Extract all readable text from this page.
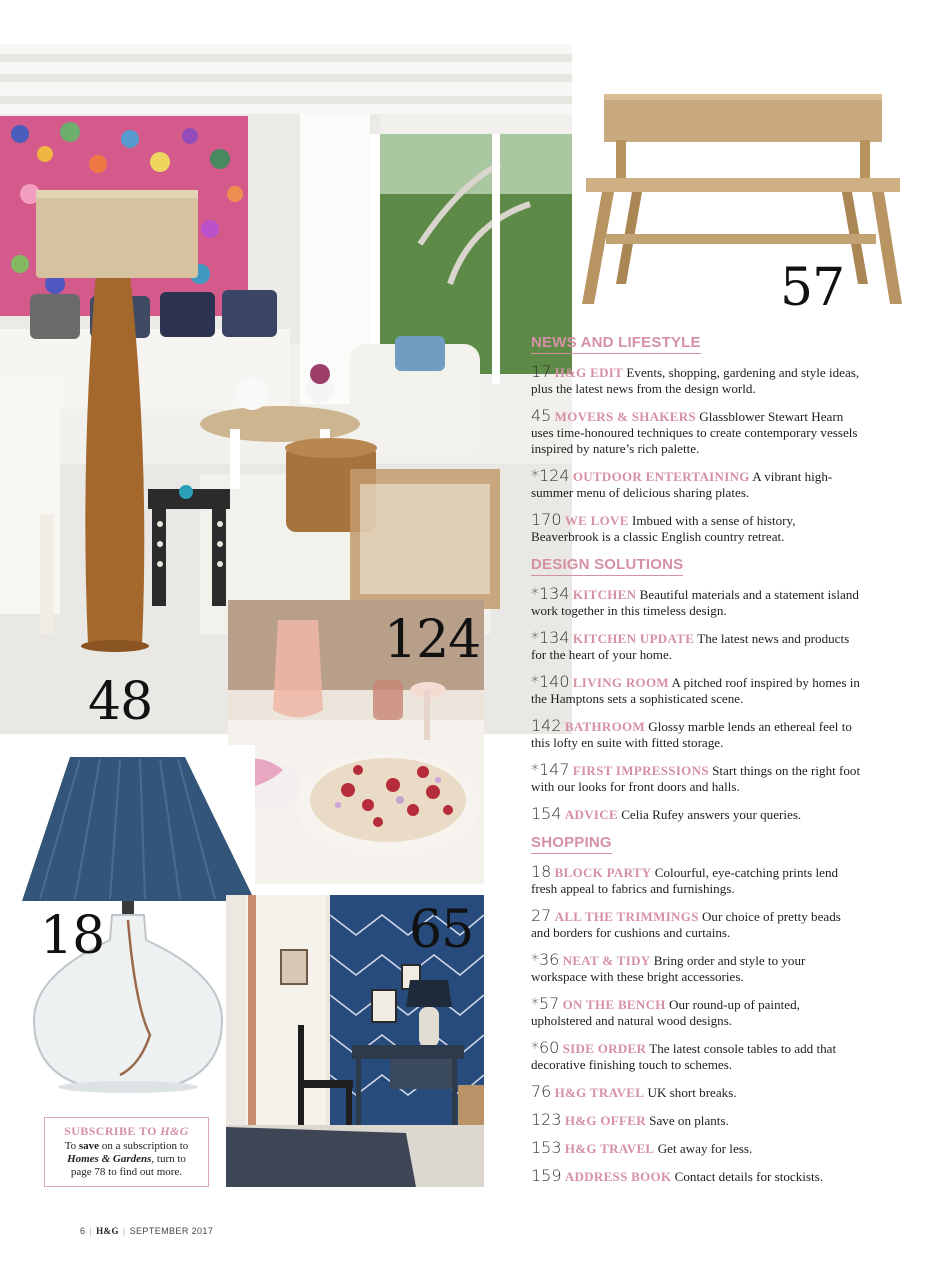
57
48
124
18	65
NEWS AND LIFESTYLE
17 H&G EDIT Events, shopping, gardening and style ideas, plus the latest news from the design world.
45 MOVERS & SHAKERS Glassblower Stewart Hearn uses time-honoured techniques to create contemporary vessels inspired by nature’s rich palette.
*124 OUTDOOR ENTERTAINING A vibrant high-summer menu of delicious sharing plates.
170 WE LOVE Imbued with a sense of history, Beaverbrook is a classic English country retreat.
DESIGN SOLUTIONS
*134 KITCHEN Beautiful materials and a statement island work together in this timeless design.
*134 KITCHEN UPDATE The latest news and products for the heart of your home.
*140 LIVING ROOM A pitched roof inspired by homes in the Hamptons sets a sophisticated scene.
142 BATHROOM Glossy marble lends an ethereal feel to this lofty en suite with fitted storage.
*147 FIRST IMPRESSIONS Start things on the right foot with our looks for front doors and halls.
154 ADVICE Celia Rufey answers your queries.
SHOPPING
18 BLOCK PARTY Colourful, eye-catching prints lend fresh appeal to fabrics and furnishings.
27 ALL THE TRIMMINGS Our choice of pretty beads and borders for cushions and curtains.
*36 NEAT & TIDY Bring order and style to your workspace with these bright accessories.
*57 ON THE BENCH Our round-up of painted, upholstered and natural wood designs.
*60 SIDE ORDER The latest console tables to add that decorative finishing touch to schemes.
76 H&G TRAVEL UK short breaks.
123 H&G OFFER Save on plants.
153 H&G TRAVEL Get away for less.
159 ADDRESS BOOK Contact details for stockists.
SUBSCRIBE TO H&G
To save on a subscription to
Homes & Gardens, turn to
page 78 to find out more.
6 | H&G | SEPTEMBER 2017
